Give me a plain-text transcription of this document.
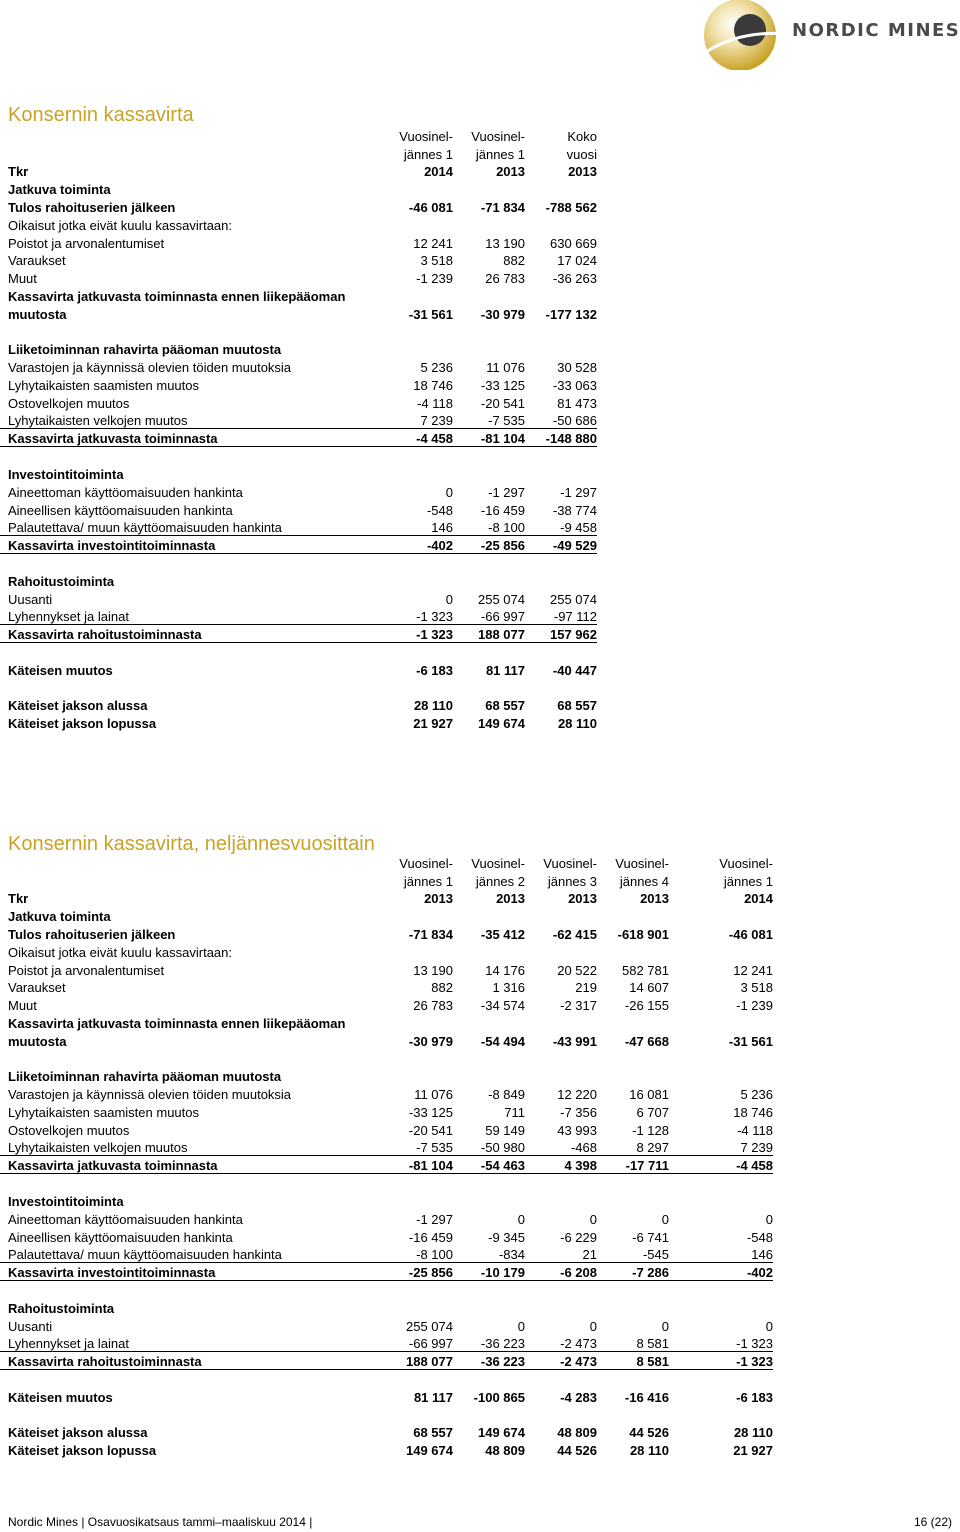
NORDIC MINES
Konsernin kassavirta
	Vuosinel-	Vuosinel-	Koko
	jännes 1	jännes 1	vuosi
Tkr	2014	2013	2013
Jatkuva toiminta			
Tulos rahoituserien jälkeen	-46 081	-71 834	-788 562
Oikaisut jotka eivät kuulu kassavirtaan:			
Poistot ja arvonalentumiset	12 241	13 190	630 669
Varaukset	3 518	882	17 024
Muut	-1 239	26 783	-36 263
Kassavirta jatkuvasta toiminnasta ennen liikepääoman			
muutosta	-31 561	-30 979	-177 132

Liiketoiminnan rahavirta pääoman muutosta			
Varastojen ja käynnissä olevien töiden muutoksia	5 236	11 076	30 528
Lyhytaikaisten saamisten muutos	18 746	-33 125	-33 063
Ostovelkojen muutos	-4 118	-20 541	81 473
Lyhytaikaisten velkojen muutos	7 239	-7 535	-50 686
Kassavirta jatkuvasta toiminnasta	-4 458	-81 104	-148 880

Investointitoiminta			
Aineettoman käyttöomaisuuden hankinta	0	-1 297	-1 297
Aineellisen käyttöomaisuuden hankinta	-548	-16 459	-38 774
Palautettava/ muun käyttöomaisuuden hankinta	146	-8 100	-9 458
Kassavirta investointitoiminnasta	-402	-25 856	-49 529

Rahoitustoiminta			
Uusanti	0	255 074	255 074
Lyhennykset ja lainat	-1 323	-66 997	-97 112
Kassavirta rahoitustoiminnasta	-1 323	188 077	157 962

Käteisen muutos	-6 183	81 117	-40 447

Käteiset jakson alussa	28 110	68 557	68 557
Käteiset jakson lopussa	21 927	149 674	28 110
Konsernin kassavirta, neljännesvuosittain
	Vuosinel-	Vuosinel-	Vuosinel-	Vuosinel-	Vuosinel-
	jännes 1	jännes 2	jännes 3	jännes 4	jännes 1
Tkr	2013	2013	2013	2013	2014
Jatkuva toiminta					
Tulos rahoituserien jälkeen	-71 834	-35 412	-62 415	-618 901	-46 081
Oikaisut jotka eivät kuulu kassavirtaan:					
Poistot ja arvonalentumiset	13 190	14 176	20 522	582 781	12 241
Varaukset	882	1 316	219	14 607	3 518
Muut	26 783	-34 574	-2 317	-26 155	-1 239
Kassavirta jatkuvasta toiminnasta ennen liikepääoman					
muutosta	-30 979	-54 494	-43 991	-47 668	-31 561

Liiketoiminnan rahavirta pääoman muutosta					
Varastojen ja käynnissä olevien töiden muutoksia	11 076	-8 849	12 220	16 081	5 236
Lyhytaikaisten saamisten muutos	-33 125	711	-7 356	6 707	18 746
Ostovelkojen muutos	-20 541	59 149	43 993	-1 128	-4 118
Lyhytaikaisten velkojen muutos	-7 535	-50 980	-468	8 297	7 239
Kassavirta jatkuvasta toiminnasta	-81 104	-54 463	4 398	-17 711	-4 458

Investointitoiminta					
Aineettoman käyttöomaisuuden hankinta	-1 297	0	0	0	0
Aineellisen käyttöomaisuuden hankinta	-16 459	-9 345	-6 229	-6 741	-548
Palautettava/ muun käyttöomaisuuden hankinta	-8 100	-834	21	-545	146
Kassavirta investointitoiminnasta	-25 856	-10 179	-6 208	-7 286	-402

Rahoitustoiminta					
Uusanti	255 074	0	0	0	0
Lyhennykset ja lainat	-66 997	-36 223	-2 473	8 581	-1 323
Kassavirta rahoitustoiminnasta	188 077	-36 223	-2 473	8 581	-1 323

Käteisen muutos	81 117	-100 865	-4 283	-16 416	-6 183

Käteiset jakson alussa	68 557	149 674	48 809	44 526	28 110
Käteiset jakson lopussa	149 674	48 809	44 526	28 110	21 927
Nordic Mines | Osavuosikatsaus tammi–maaliskuu 2014 |	16 (22)
